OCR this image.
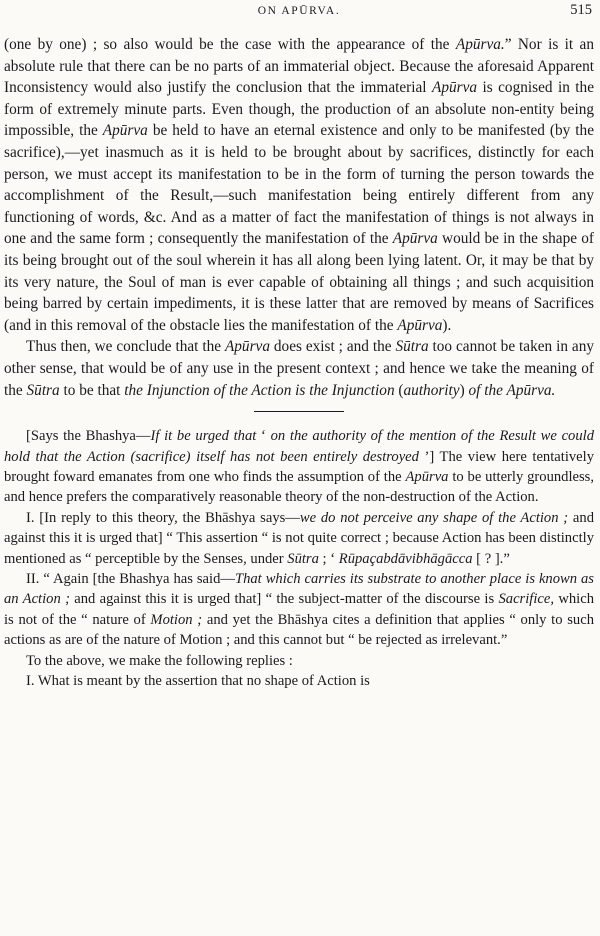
ON APŪRVA.	515

(one by one) ; so also would be the case with the appearance of the Apūrva.” Nor is it an absolute rule that there can be no parts of an immaterial object. Because the aforesaid Apparent Inconsistency would also justify the conclusion that the immaterial Apūrva is cognised in the form of extremely minute parts. Even though, the production of an absolute non-entity being impossible, the Apūrva be held to have an eternal existence and only to be manifested (by the sacrifice),—yet inasmuch as it is held to be brought about by sacrifices, distinctly for each person, we must accept its manifestation to be in the form of turning the person towards the accomplishment of the Result,—such manifestation being entirely different from any functioning of words, &c. And as a matter of fact the manifestation of things is not always in one and the same form ; consequently the manifestation of the Apūrva would be in the shape of its being brought out of the soul wherein it has all along been lying latent. Or, it may be that by its very nature, the Soul of man is ever capable of obtaining all things ; and such acquisition being barred by certain impediments, it is these latter that are removed by means of Sacrifices (and in this removal of the obstacle lies the manifestation of the Apūrva).

Thus then, we conclude that the Apūrva does exist ; and the Sūtra too cannot be taken in any other sense, that would be of any use in the present context ; and hence we take the meaning of the Sūtra to be that the Injunction of the Action is the Injunction (authority) of the Apūrva.

[Says the Bhashya—If it be urged that ‘ on the authority of the mention of the Result we could hold that the Action (sacrifice) itself has not been entirely destroyed ’] The view here tentatively brought foward emanates from one who finds the assumption of the Apūrva to be utterly groundless, and hence prefers the comparatively reasonable theory of the non-destruction of the Action.

I. [In reply to this theory, the Bhāshya says—we do not perceive any shape of the Action ; and against this it is urged that] “ This assertion “ is not quite correct ; because Action has been distinctly mentioned as “ perceptible by the Senses, under Sūtra ; ‘ Rūpaçabdāvibhāgācca [ ? ].”

II. “ Again [the Bhashya has said—That which carries its substrate to another place is known as an Action ; and against this it is urged that] “ the subject-matter of the discourse is Sacrifice, which is not of the “ nature of Motion ; and yet the Bhāshya cites a definition that applies “ only to such actions as are of the nature of Motion ; and this cannot but “ be rejected as irrelevant.”

To the above, we make the following replies :

I. What is meant by the assertion that no shape of Action is
